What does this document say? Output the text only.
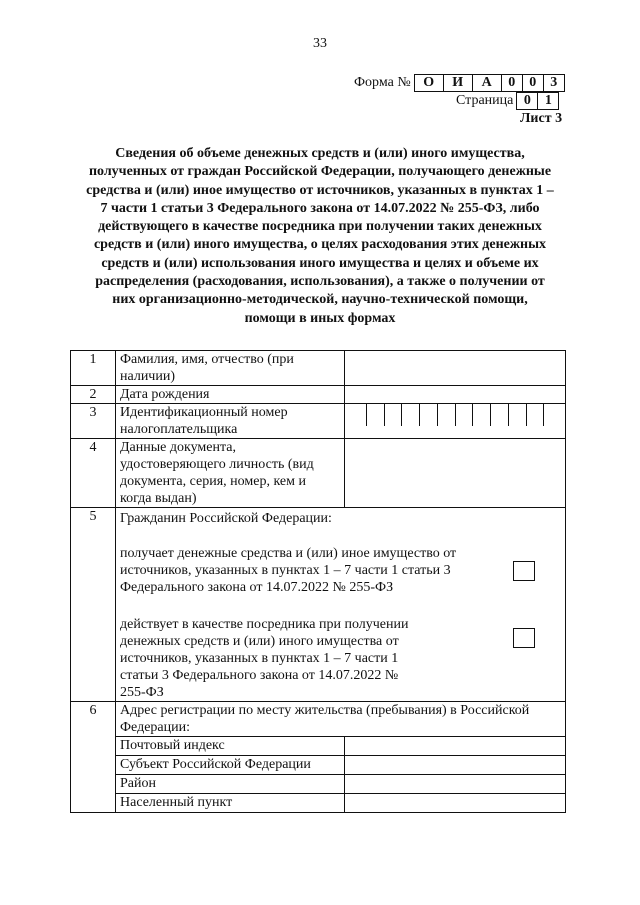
33
Форма № О	И	А	0	0	3
Страница 0	1
Лист 3
Сведения об объеме денежных средств и (или) иного имущества, полученных от граждан Российской Федерации, получающего денежные средства и (или) иное имущество от источников, указанных в пунктах 1 – 7 части 1 статьи 3 Федерального закона от 14.07.2022 № 255-ФЗ, либо действующего в качестве посредника при получении таких денежных средств и (или) иного имущества, о целях расходования этих денежных средств и (или) использования иного имущества и целях и объеме их распределения (расходования, использования), а также о получении от них организационно-методической, научно-технической помощи, помощи в иных формах
1	Фамилия, имя, отчество (при наличии)	
2	Дата рождения	
3	Идентификационный номер налогоплательщика	

4	Данные документа, удостоверяющего личность (вид документа, серия, номер, кем и когда выдан)	
5	Гражданин Российской Федерации:
получает денежные средства и (или) иное имущество от источников, указанных в пунктах 1 – 7 части 1 статьи 3 Федерального закона от 14.07.2022 № 255-ФЗ
действует в качестве посредника при получении денежных средств и (или) иного имущества от источников, указанных в пунктах 1 – 7 части 1 статьи 3 Федерального закона от 14.07.2022 № 255-ФЗ	

6	Адрес регистрации по месту жительства (пребывания) в Российской Федерации:	
	Почтовый индекс	
	Субъект Российской Федерации	
	Район	
	Населенный пункт	
